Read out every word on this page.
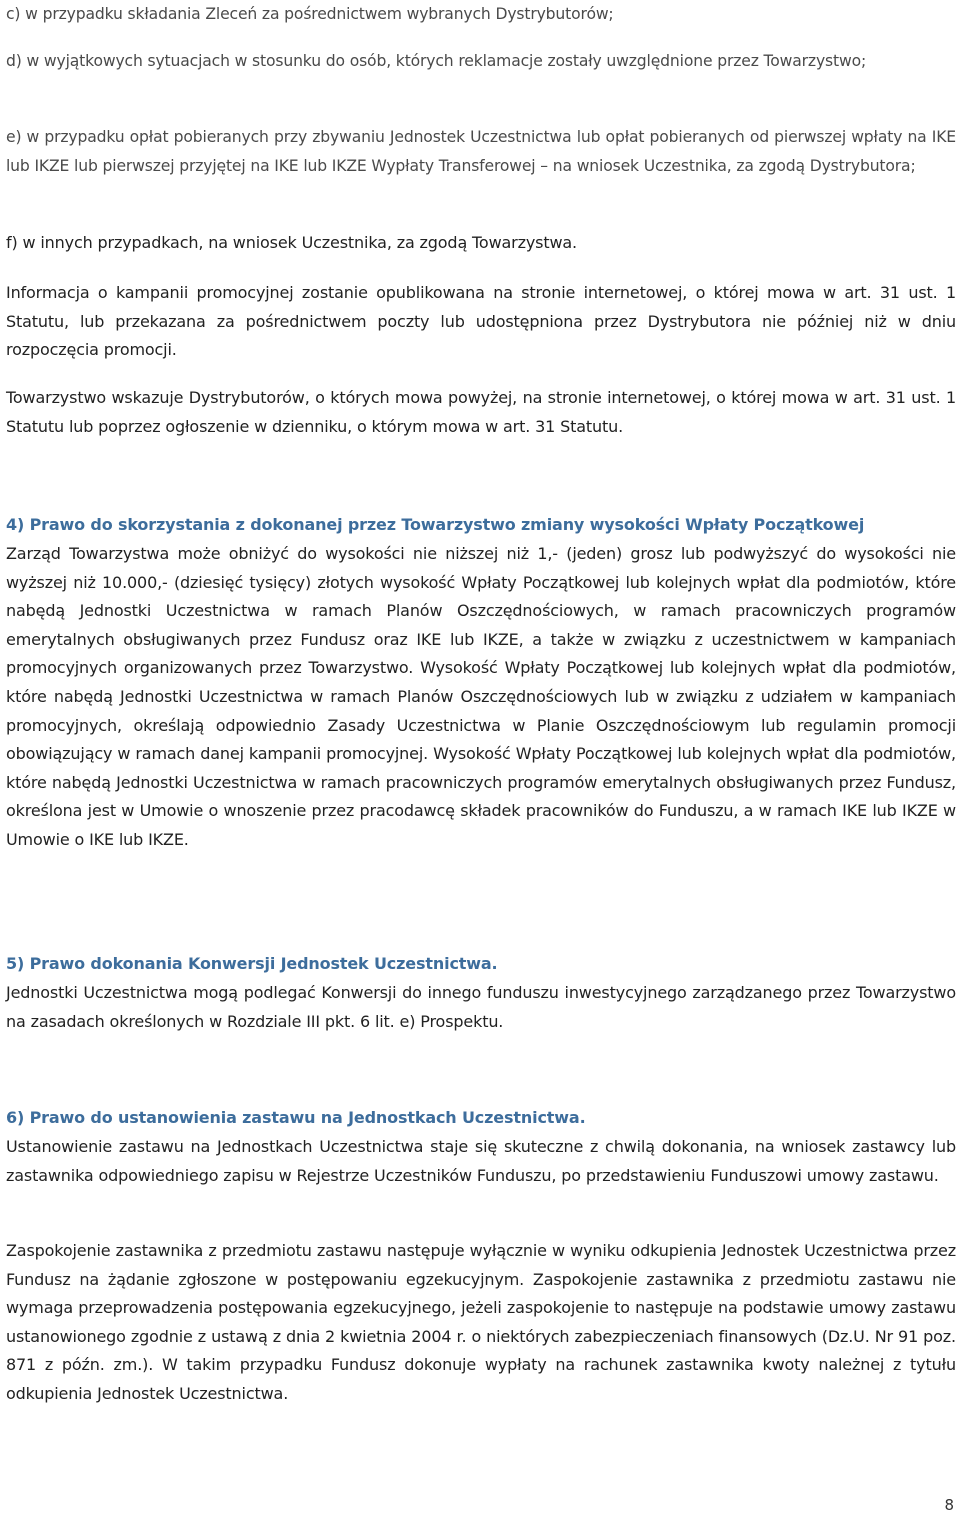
c) w przypadku składania Zleceń za pośrednictwem wybranych Dystrybutorów;

d) w wyjątkowych sytuacjach w stosunku do osób, których reklamacje zostały uwzględnione przez Towarzystwo;

e) w przypadku opłat pobieranych przy zbywaniu Jednostek Uczestnictwa lub opłat pobieranych od pierwszej wpłaty na IKE lub IKZE lub pierwszej przyjętej na IKE lub IKZE Wypłaty Transferowej – na wniosek Uczestnika, za zgodą Dystrybutora;

f) w innych przypadkach, na wniosek Uczestnika, za zgodą Towarzystwa.

Informacja o kampanii promocyjnej zostanie opublikowana na stronie internetowej, o której mowa w art. 31 ust. 1 Statutu, lub przekazana za pośrednictwem poczty lub udostępniona przez Dystrybutora nie później niż w dniu rozpoczęcia promocji.

Towarzystwo wskazuje Dystrybutorów, o których mowa powyżej, na stronie internetowej, o której mowa w art. 31 ust. 1 Statutu lub poprzez ogłoszenie w dzienniku, o którym mowa w art. 31 Statutu.

4) Prawo do skorzystania z dokonanej przez Towarzystwo zmiany wysokości Wpłaty Początkowej

Zarząd Towarzystwa może obniżyć do wysokości nie niższej niż 1,- (jeden) grosz lub podwyższyć do wysokości nie wyższej niż 10.000,- (dziesięć tysięcy) złotych wysokość Wpłaty Początkowej lub kolejnych wpłat dla podmiotów, które nabędą Jednostki Uczestnictwa w ramach Planów Oszczędnościowych, w ramach pracowniczych programów emerytalnych obsługiwanych przez Fundusz oraz IKE lub IKZE, a także w związku z uczestnictwem w kampaniach promocyjnych organizowanych przez Towarzystwo. Wysokość Wpłaty Początkowej lub kolejnych wpłat dla podmiotów, które nabędą Jednostki Uczestnictwa w ramach Planów Oszczędnościowych lub w związku z udziałem w kampaniach promocyjnych, określają odpowiednio Zasady Uczestnictwa w Planie Oszczędnościowym lub regulamin promocji obowiązujący w ramach danej kampanii promocyjnej. Wysokość Wpłaty Początkowej lub kolejnych wpłat dla podmiotów, które nabędą Jednostki Uczestnictwa w ramach pracowniczych programów emerytalnych obsługiwanych przez Fundusz, określona jest w Umowie o wnoszenie przez pracodawcę składek pracowników do Funduszu, a w ramach IKE lub IKZE w Umowie o IKE lub IKZE.

5) Prawo dokonania Konwersji Jednostek Uczestnictwa.

Jednostki Uczestnictwa mogą podlegać Konwersji do innego funduszu inwestycyjnego zarządzanego przez Towarzystwo na zasadach określonych w Rozdziale III pkt. 6 lit. e) Prospektu.

6) Prawo do ustanowienia zastawu na Jednostkach Uczestnictwa.

Ustanowienie zastawu na Jednostkach Uczestnictwa staje się skuteczne z chwilą dokonania, na wniosek zastawcy lub zastawnika odpowiedniego zapisu w Rejestrze Uczestników Funduszu, po przedstawieniu Funduszowi umowy zastawu.

Zaspokojenie zastawnika z przedmiotu zastawu następuje wyłącznie w wyniku odkupienia Jednostek Uczestnictwa przez Fundusz na żądanie zgłoszone w postępowaniu egzekucyjnym. Zaspokojenie zastawnika z przedmiotu zastawu nie wymaga przeprowadzenia postępowania egzekucyjnego, jeżeli zaspokojenie to następuje na podstawie umowy zastawu ustanowionego zgodnie z ustawą z dnia 2 kwietnia 2004 r. o niektórych zabezpieczeniach finansowych (Dz.U. Nr 91 poz. 871 z późn. zm.). W takim przypadku Fundusz dokonuje wypłaty na rachunek zastawnika kwoty należnej z tytułu odkupienia Jednostek Uczestnictwa.

8
